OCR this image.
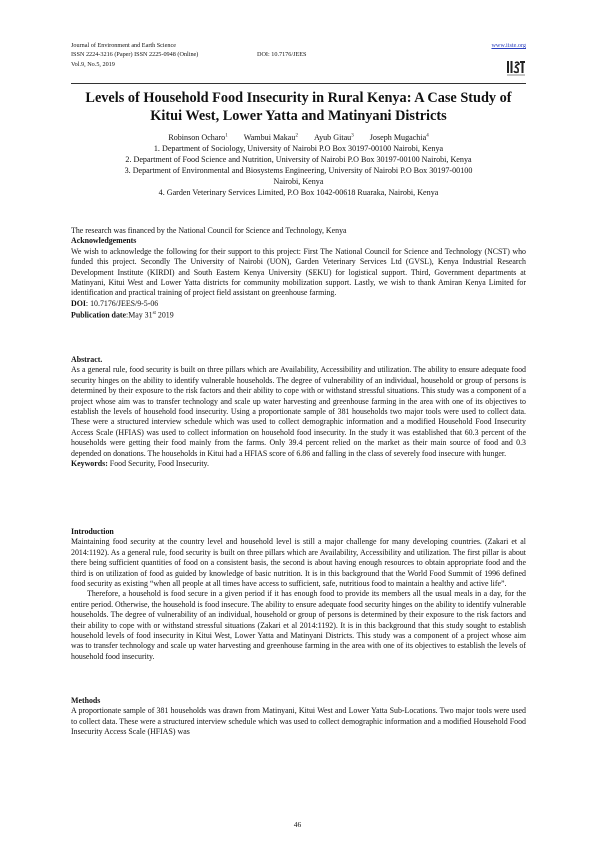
Journal of Environment and Earth Science
ISSN 2224-3216 (Paper) ISSN 2225-0948 (Online)	DOI: 10.7176/JEES
Vol.9, No.5, 2019
www.iiste.org
Levels of Household Food Insecurity in Rural Kenya: A Case Study of Kitui West, Lower Yatta and Matinyani Districts
Robinson Ocharo$^1$ Wambui Makau$^2$ Ayub Gitau$^3$ Joseph Mugachia$^4$
1. Department of Sociology, University of Nairobi P.O Box 30197-00100 Nairobi, Kenya
2. Department of Food Science and Nutrition, University of Nairobi P.O Box 30197-00100 Nairobi, Kenya
3. Department of Environmental and Biosystems Engineering, University of Nairobi P.O Box 30197-00100 Nairobi, Kenya
4. Garden Veterinary Services Limited, P.O Box 1042-00618 Ruaraka, Nairobi, Kenya

The research was financed by the National Council for Science and Technology, Kenya

Acknowledgements

We wish to acknowledge the following for their support to this project: First The National Council for Science and Technology (NCST) who funded this project. Secondly The University of Nairobi (UON), Garden Veterinary Services Ltd (GVSL), Kenya Industrial Research Development Institute (KIRDI) and South Eastern Kenya University (SEKU) for logistical support. Third, Government departments at Matinyani, Kitui West and Lower Yatta districts for community mobilization support. Lastly, we wish to thank Amiran Kenya Limited for identification and practical training of project field assistant on greenhouse farming.

DOI: 10.7176/JEES/9-5-06

Publication date:May 31st 2019

Abstract.

As a general rule, food security is built on three pillars which are Availability, Accessibility and utilization. The ability to ensure adequate food security hinges on the ability to identify vulnerable households. The degree of vulnerability of an individual, household or group of persons is determined by their exposure to the risk factors and their ability to cope with or withstand stressful situations. This study was a component of a project whose aim was to transfer technology and scale up water harvesting and greenhouse farming in the area with one of its objectives to establish the levels of household food insecurity. Using a proportionate sample of 381 households two major tools were used to collect data. These were a structured interview schedule which was used to collect demographic information and a modified Household Food Insecurity Access Scale (HFIAS) was used to collect information on household food insecurity. In the study it was established that 60.3 percent of the households were getting their food mainly from the farms. Only 39.4 percent relied on the market as their main source of food and 0.3 depended on donations. The households in Kitui had a HFIAS score of 6.86 and falling in the class of severely food insecure with hunger.

Keywords: Food Security, Food Insecurity.

Introduction

Maintaining food security at the country level and household level is still a major challenge for many developing countries. (Zakari et al 2014:1192). As a general rule, food security is built on three pillars which are Availability, Accessibility and utilization. The first pillar is about there being sufficient quantities of food on a consistent basis, the second is about having enough resources to obtain appropriate food and the third is on utilization of food as guided by knowledge of basic nutrition. It is in this background that the World Food Summit of 1996 defined food security as existing “when all people at all times have access to sufficient, safe, nutritious food to maintain a healthy and active life”.

Therefore, a household is food secure in a given period if it has enough food to provide its members all the usual meals in a day, for the entire period. Otherwise, the household is food insecure. The ability to ensure adequate food security hinges on the ability to identify vulnerable households. The degree of vulnerability of an individual, household or group of persons is determined by their exposure to the risk factors and their ability to cope with or withstand stressful situations (Zakari et al 2014:1192). It is in this background that this study sought to establish household levels of food insecurity in Kitui West, Lower Yatta and Matinyani Districts. This study was a component of a project whose aim was to transfer technology and scale up water harvesting and greenhouse farming in the area with one of its objectives to establish the levels of household food insecurity.

Methods

A proportionate sample of 381 households was drawn from Matinyani, Kitui West and Lower Yatta Sub-Locations. Two major tools were used to collect data. These were a structured interview schedule which was used to collect demographic information and a modified Household Food Insecurity Access Scale (HFIAS) was

46
